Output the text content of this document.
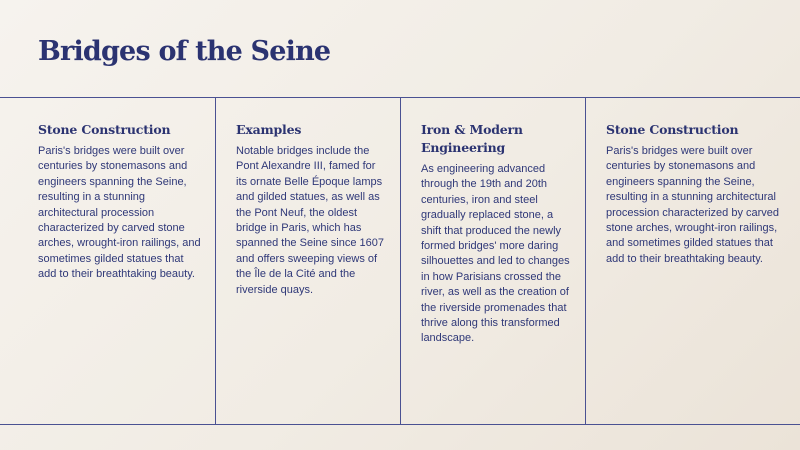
Bridges of the Seine
Stone Construction

Paris's bridges were built over centuries by stonemasons and engineers spanning the Seine, resulting in a stunning architectural procession characterized by carved stone arches, wrought-iron railings, and sometimes gilded statues that add to their breathtaking beauty.

Examples

Notable bridges include the Pont Alexandre III, famed for its ornate Belle Époque lamps and gilded statues, as well as the Pont Neuf, the oldest bridge in Paris, which has spanned the Seine since 1607 and offers sweeping views of the Île de la Cité and the riverside quays.

Iron & Modern Engineering

As engineering advanced through the 19th and 20th centuries, iron and steel gradually replaced stone, a shift that produced the newly formed bridges' more daring silhouettes and led to changes in how Parisians crossed the river, as well as the creation of the riverside promenades that thrive along this transformed landscape.

Stone Construction

Paris's bridges were built over centuries by stonemasons and engineers spanning the Seine, resulting in a stunning architectural procession characterized by carved stone arches, wrought-iron railings, and sometimes gilded statues that add to their breathtaking beauty.
